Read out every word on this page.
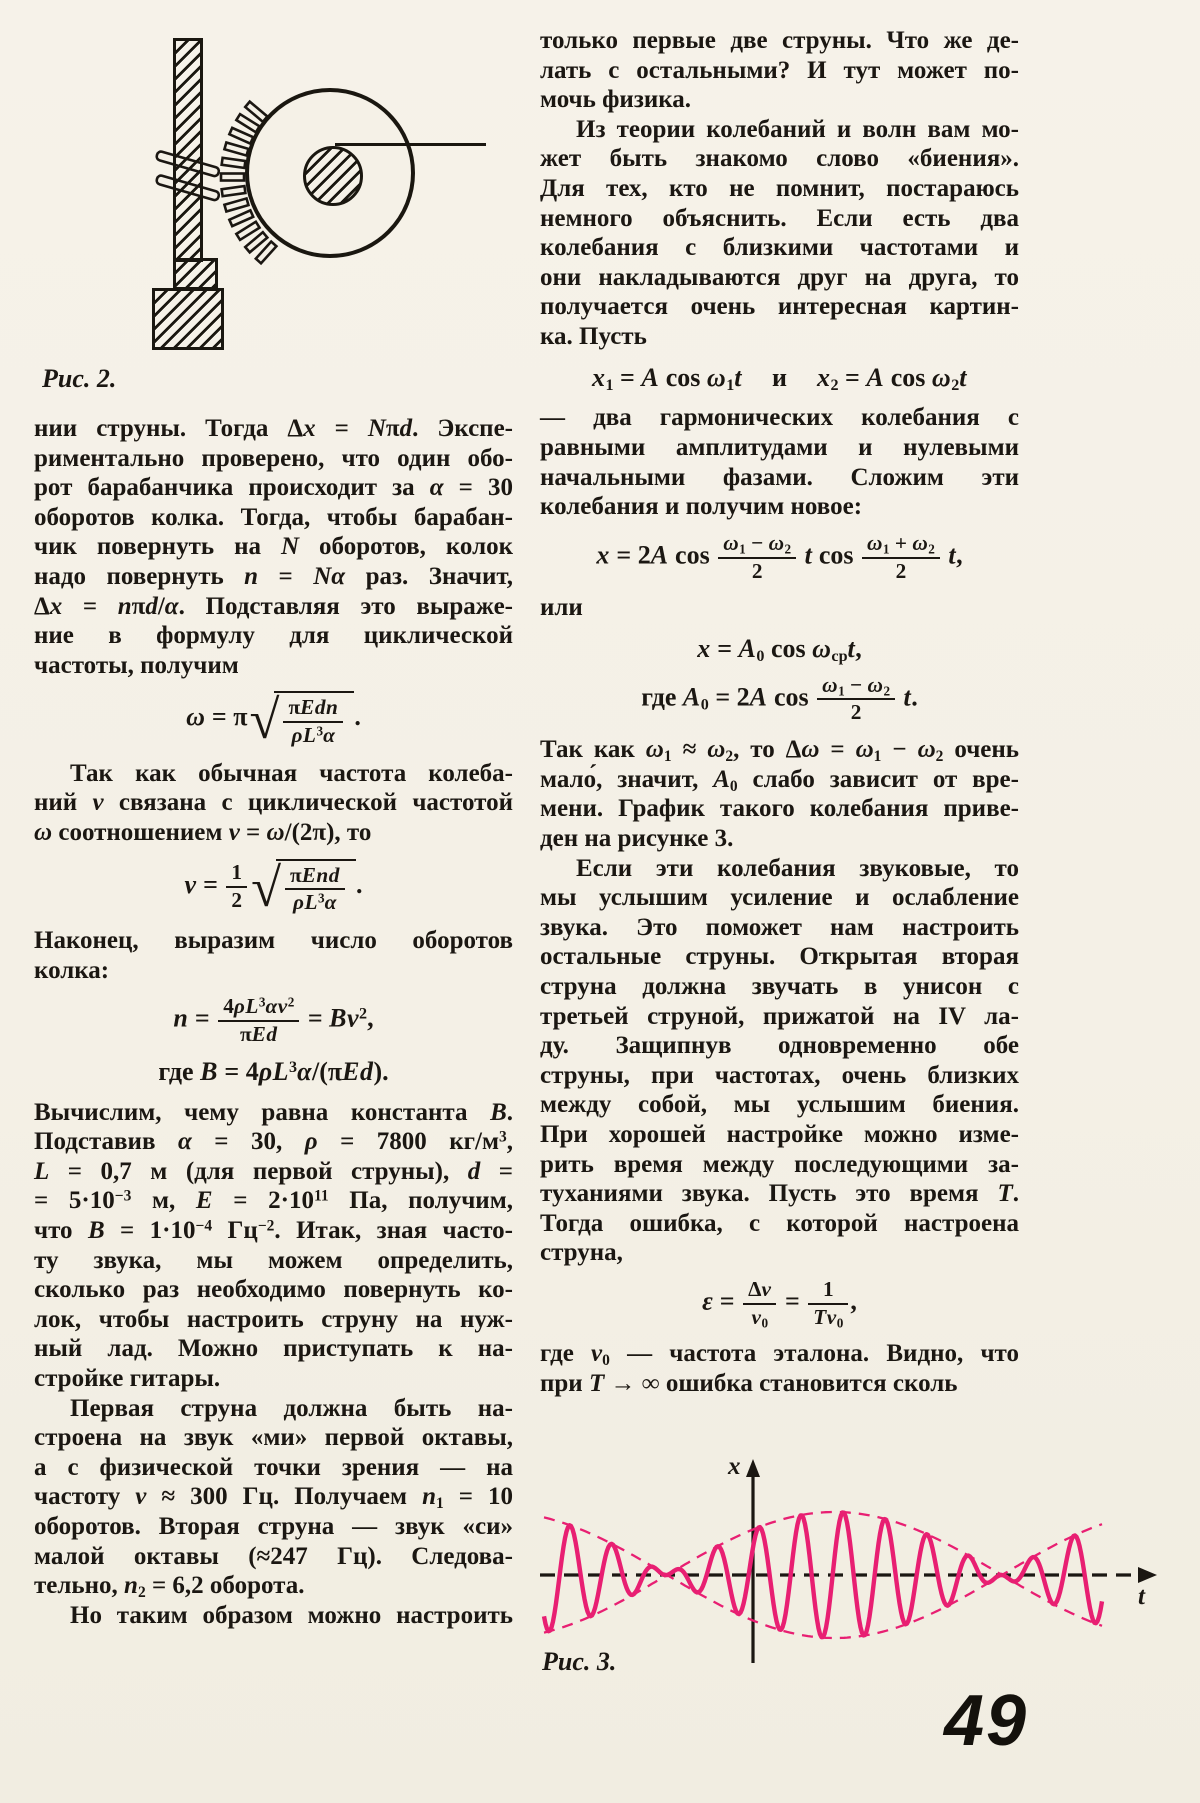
Рис. 2.
нии струны. Тогда Δx = Nπd. Экспе-
риментально проверено, что один обо-
рот барабанчика происходит за α = 30
оборотов колка. Тогда, чтобы барабан-
чик повернуть на N оборотов, колок
надо повернуть n = Nα раз. Значит,
Δx = nπd/α. Подставляя это выраже-
ние в формулу для циклической
частоты, получим
ω = π √ πEdn
$\rho L^3\alpha$
.
Так как обычная частота колеба-
ний ν связана с циклической частотой
ω соотношением ν = ω/(2π), то
$\nu = \frac{1}{2}$ √ πEnd
$\rho L^3\alpha$
.
Наконец, выразим число оборотов
колка:
$n = 4\rho L^3\alpha\nu^2$
πEd
= $B\nu^2$,
где $B = 4\rho L^3\alpha/(\pi Ed)$.
Вычислим, чему равна константа B.
Подставив α = 30, ρ = 7800 $кг/м^3$,
L = 0,7 м (для первой струны), d =
= $5\cdot 10^{-3}$ м, $E = 2\cdot 10^{11}$ Па, получим,
что $B = 1\cdot 10^{-4}$ $Гц^{-2}$. Итак, зная часто-
ту звука, мы можем определить,
сколько раз необходимо повернуть ко-
лок, чтобы настроить струну на нуж-
ный лад. Можно приступать к на-
стройке гитары.
Первая струна должна быть на-
строена на звук «ми» первой октавы,
а с физической точки зрения — на
частоту ν ≈ 300 Гц. Получаем $n_1 = 10$
оборотов. Вторая струна — звук «си»
малой октавы (≈247 Гц). Следова-
тельно, $n_2 = 6,2$ оборота.
Но таким образом можно настроить
только первые две струны. Что же де-
лать с остальными? И тут может по-
мочь физика.
Из теории колебаний и волн вам мо-
жет быть знакомо слово «биения».
Для тех, кто не помнит, постараюсь
немного объяснить. Если есть два
колебания с близкими частотами и
они накладываются друг на друга, то
получается очень интересная картин-
ка. Пусть
$x_1 = A$ $\cos \omega_1t$ и $x_2 = A$ $\cos \omega_2t$
— два гармонических колебания с
равными амплитудами и нулевыми
начальными фазами. Сложим эти
колебания и получим новое:
x = 2A $\cos \frac{\omega_1 - \omega_2}{2}$ t $\cos \frac{\omega_1 + \omega_2}{2} t$,
или
$x = A_0$ $\cos \omega_{ср}t$,
где $A_0 = 2A$ $\cos \frac{\omega_1 - \omega_2}{2} t$.
Так как $\omega_1 \approx \omega_2$, то $\Delta\omega = \omega_1 - \omega_2$ очень
мало́, значит, $A_0$ слабо зависит от вре-
мени. График такого колебания приве-
ден на рисунке 3.
Если эти колебания звуковые, то
мы услышим усиление и ослабление
звука. Это поможет нам настроить
остальные струны. Открытая вторая
струна должна звучать в унисон с
третьей струной, прижатой на IV ла-
ду. Защипнув одновременно обе
струны, при частотах, очень близких
между собой, мы услышим биения.
При хорошей настройке можно изме-
рить время между последующими за-
туханиями звука. Пусть это время T.
Тогда ошибка, с которой настроена
струна,
$\varepsilon = \frac{\Delta\nu}{\nu_0} = \frac{1}{T\nu_0}$ ,
где $\nu_0$ — частота эталона. Видно, что
при T → ∞ ошибка становится сколь
x
t
Рис. 3.
49
